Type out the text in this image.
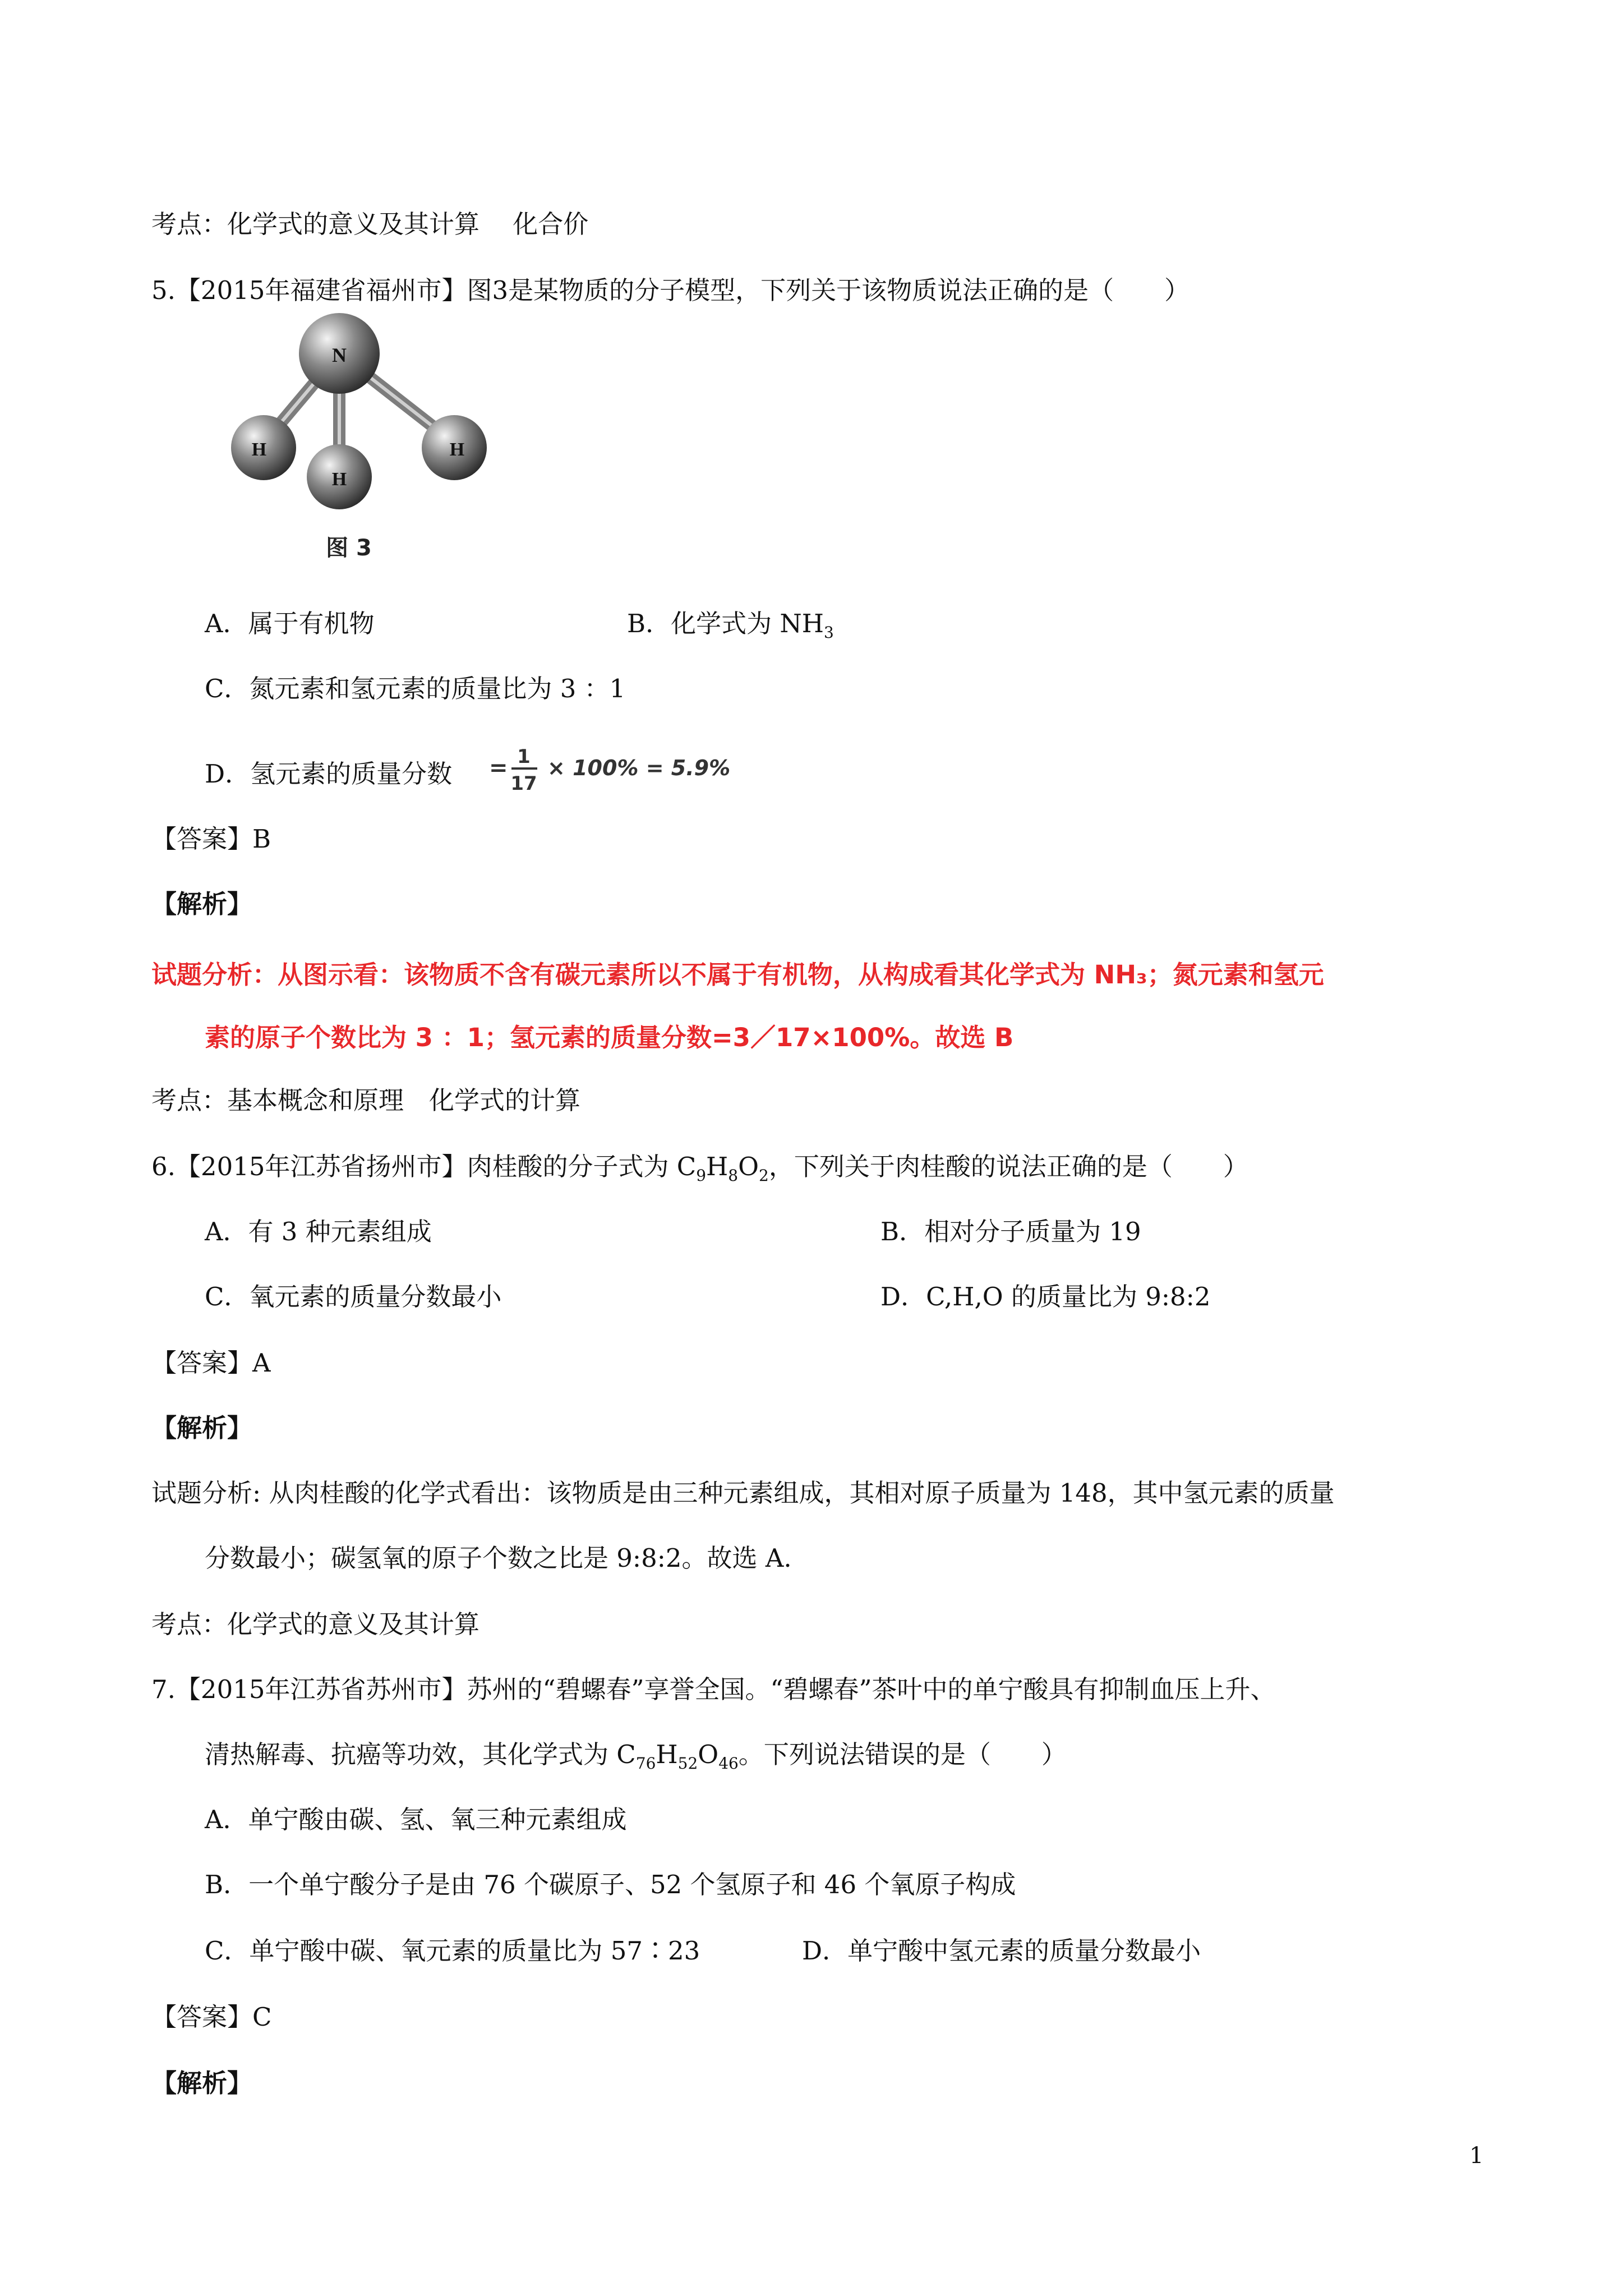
考点：化学式的意义及其计算　 化合价
5.【2015年福建省福州市】图3是某物质的分子模型，下列关于该物质说法正确的是（　　）
N
H
H
H
图 3
A．属于有机物	B．化学式为 $NH_3$
C．氮元素和氢元素的质量比为 3 ：1
D．氢元素的质量分数 = 1
17
× 100% = 5.9%
【答案】B
【解析】
试题分析：从图示看：该物质不含有碳元素所以不属于有机物，从构成看其化学式为 NH₃；氮元素和氢元
素的原子个数比为 3 ：1；氢元素的质量分数=3／17×100%。故选 B
考点：基本概念和原理　化学式的计算
6.【2015年江苏省扬州市】肉桂酸的分子式为 $C_9H_8O_2$，下列关于肉桂酸的说法正确的是（　　）
A．有 3 种元素组成	B．相对分子质量为 19
C．氧元素的质量分数最小	D．C,H,O 的质量比为 9:8:2
【答案】A
【解析】
试题分析: 从肉桂酸的化学式看出：该物质是由三种元素组成，其相对原子质量为 148，其中氢元素的质量
分数最小；碳氢氧的原子个数之比是 9:8:2。故选 A.
考点：化学式的意义及其计算
7.【2015年江苏省苏州市】苏州的“碧螺春”享誉全国。“碧螺春”茶叶中的单宁酸具有抑制血压上升、
清热解毒、抗癌等功效，其化学式为 $C_{76}H_{52}O_{46}$。下列说法错误的是（　　）
A．单宁酸由碳、氢、氧三种元素组成
B．一个单宁酸分子是由 76 个碳原子、52 个氢原子和 46 个氧原子构成
C．单宁酸中碳、氧元素的质量比为 57∶23	D．单宁酸中氢元素的质量分数最小
【答案】C
【解析】
1
